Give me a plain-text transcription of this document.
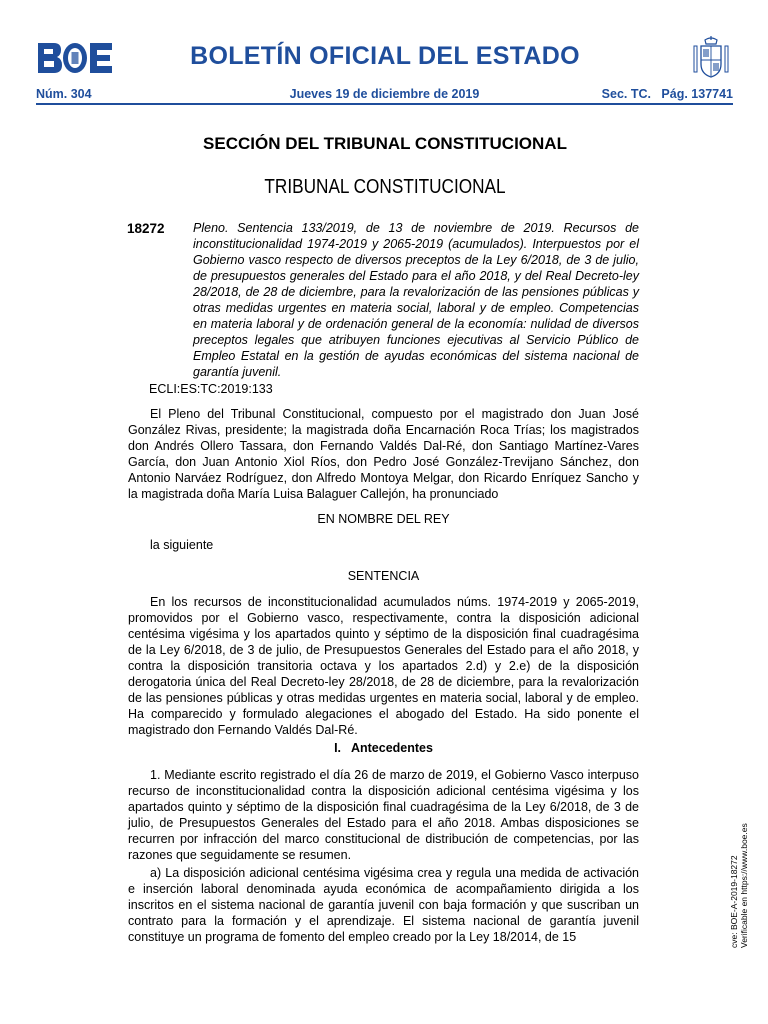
BOLETÍN OFICIAL DEL ESTADO
Núm. 304	Jueves 19 de diciembre de 2019	Sec. TC.   Pág. 137741
SECCIÓN DEL TRIBUNAL CONSTITUCIONAL
TRIBUNAL CONSTITUCIONAL
18272 Pleno. Sentencia 133/2019, de 13 de noviembre de 2019. Recursos de inconstitucionalidad 1974-2019 y 2065-2019 (acumulados). Interpuestos por el Gobierno vasco respecto de diversos preceptos de la Ley 6/2018, de 3 de julio, de presupuestos generales del Estado para el año 2018, y del Real Decreto-ley 28/2018, de 28 de diciembre, para la revalorización de las pensiones públicas y otras medidas urgentes en materia social, laboral y de empleo. Competencias en materia laboral y de ordenación general de la economía: nulidad de diversos preceptos legales que atribuyen funciones ejecutivas al Servicio Público de Empleo Estatal en la gestión de ayudas económicas del sistema nacional de garantía juvenil.

ECLI:ES:TC:2019:133

El Pleno del Tribunal Constitucional, compuesto por el magistrado don Juan José González Rivas, presidente; la magistrada doña Encarnación Roca Trías; los magistrados don Andrés Ollero Tassara, don Fernando Valdés Dal-Ré, don Santiago Martínez-Vares García, don Juan Antonio Xiol Ríos, don Pedro José González-Trevijano Sánchez, don Antonio Narváez Rodríguez, don Alfredo Montoya Melgar, don Ricardo Enríquez Sancho y la magistrada doña María Luisa Balaguer Callejón, ha pronunciado

EN NOMBRE DEL REY
la siguiente
SENTENCIA

En los recursos de inconstitucionalidad acumulados núms. 1974-2019 y 2065-2019, promovidos por el Gobierno vasco, respectivamente, contra la disposición adicional centésima vigésima y los apartados quinto y séptimo de la disposición final cuadragésima de la Ley 6/2018, de 3 de julio, de Presupuestos Generales del Estado para el año 2018, y contra la disposición transitoria octava y los apartados 2.d) y 2.e) de la disposición derogatoria única del Real Decreto-ley 28/2018, de 28 de diciembre, para la revalorización de las pensiones públicas y otras medidas urgentes en materia social, laboral y de empleo. Ha comparecido y formulado alegaciones el abogado del Estado. Ha sido ponente el magistrado don Fernando Valdés Dal-Ré.

I.   Antecedentes

1. Mediante escrito registrado el día 26 de marzo de 2019, el Gobierno Vasco interpuso recurso de inconstitucionalidad contra la disposición adicional centésima vigésima y los apartados quinto y séptimo de la disposición final cuadragésima de la Ley 6/2018, de 3 de julio, de Presupuestos Generales del Estado para el año 2018. Ambas disposiciones se recurren por infracción del marco constitucional de distribución de competencias, por las razones que seguidamente se resumen.

a) La disposición adicional centésima vigésima crea y regula una medida de activación e inserción laboral denominada ayuda económica de acompañamiento dirigida a los inscritos en el sistema nacional de garantía juvenil con baja formación y que suscriban un contrato para la formación y el aprendizaje. El sistema nacional de garantía juvenil constituye un programa de fomento del empleo creado por la Ley 18/2014, de 15	cve: BOE-A-2019-18272 Verificable en https://www.boe.es
